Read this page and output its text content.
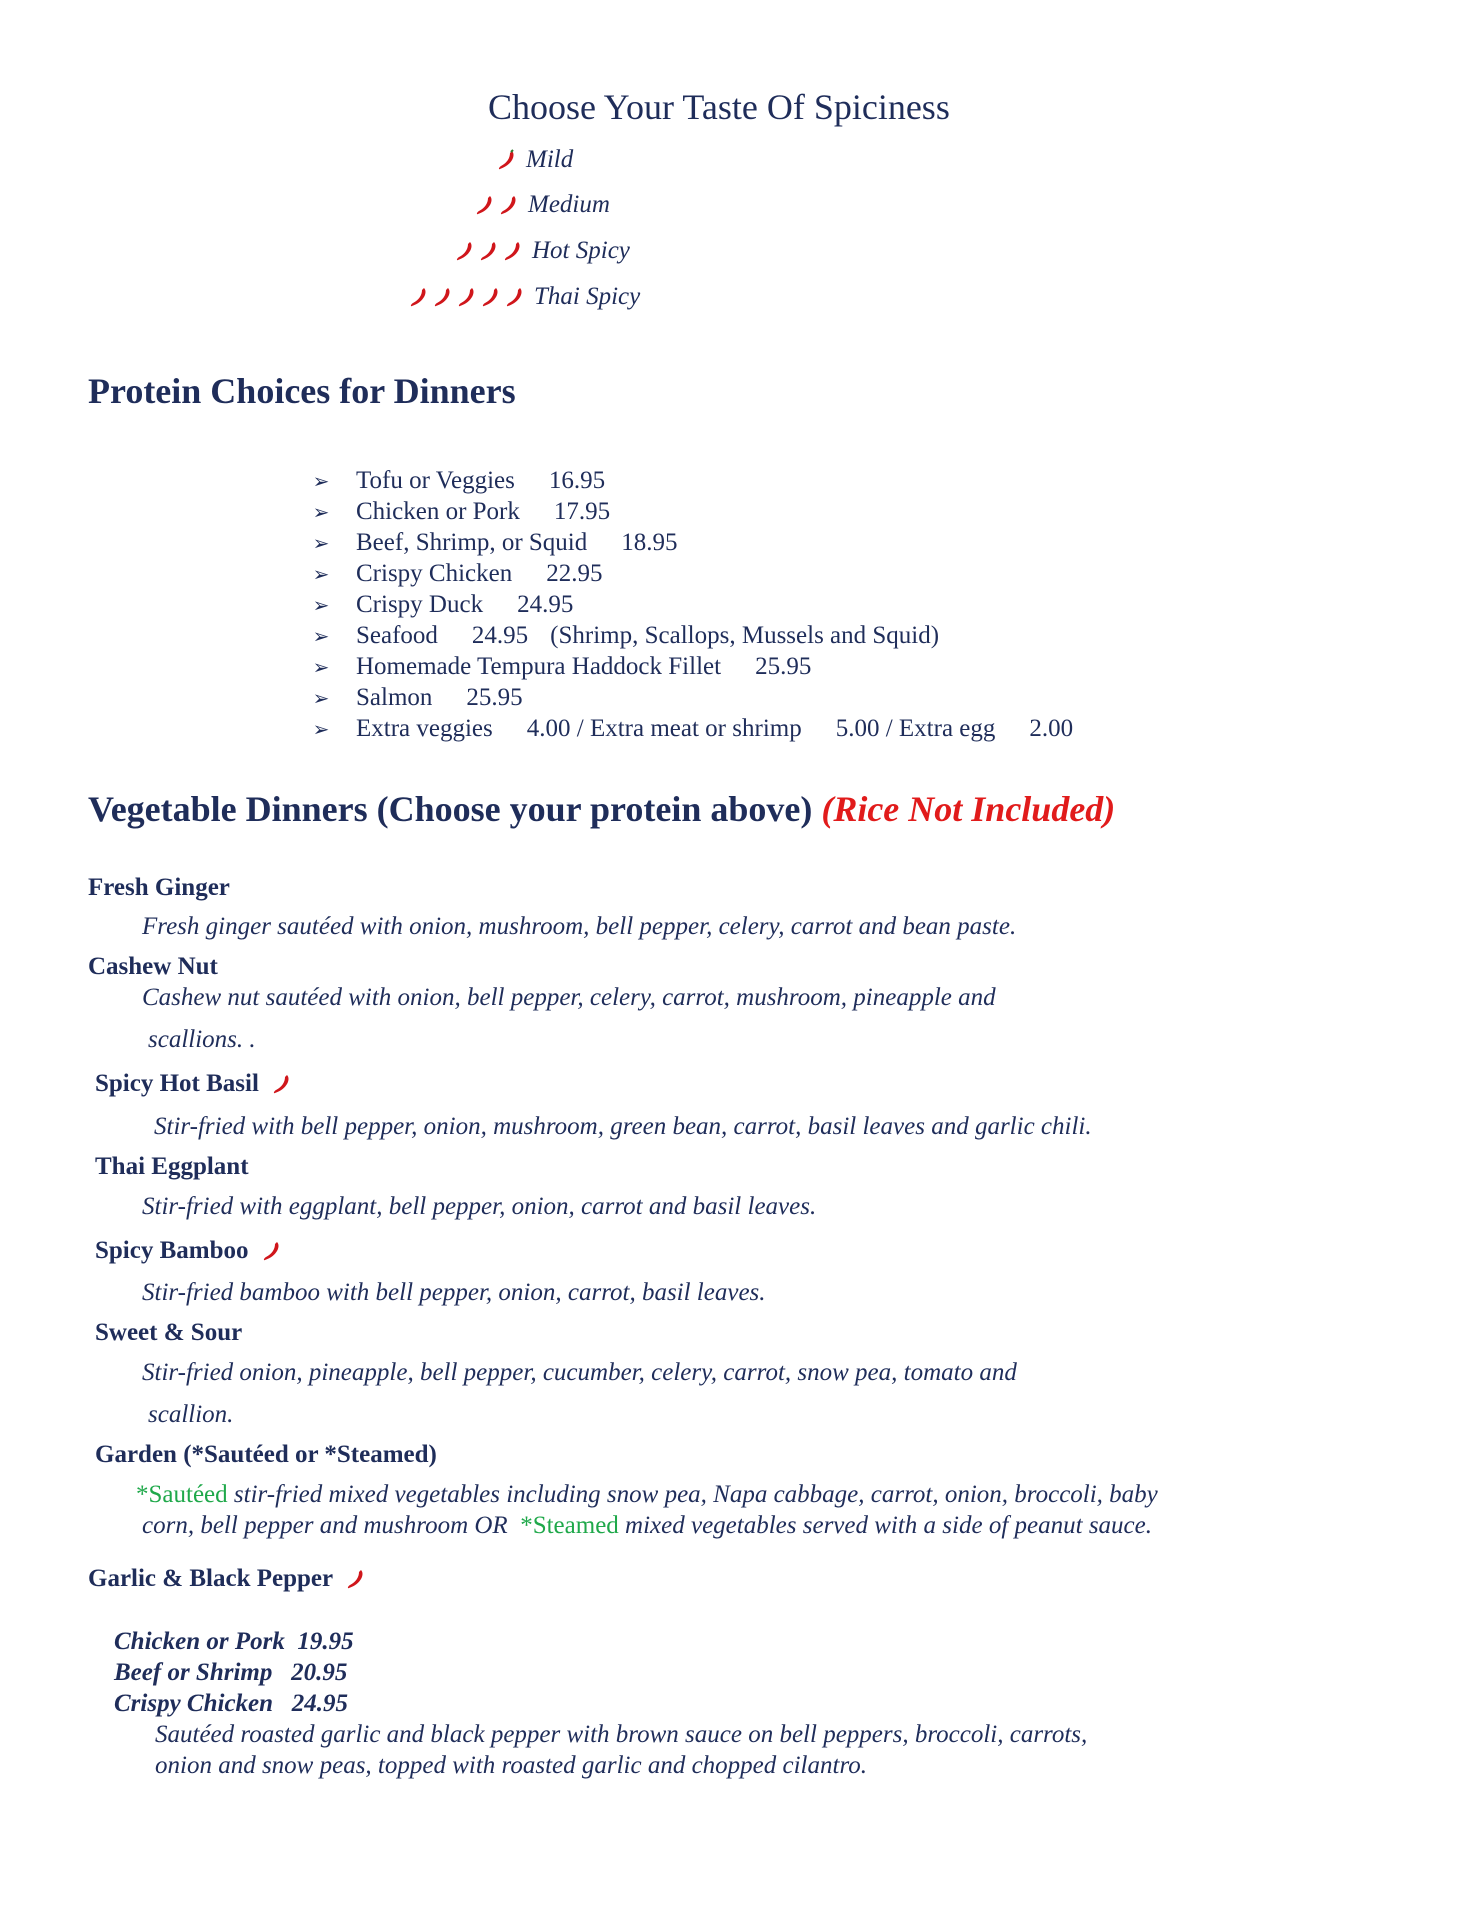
Choose Your Taste Of Spiciness
Mild
Medium
Hot Spicy
Thai Spicy
Protein Choices for Dinners
➢ Tofu or Veggies 16.95
➢ Chicken or Pork 17.95
➢ Beef, Shrimp, or Squid 18.95
➢ Crispy Chicken 22.95
➢ Crispy Duck 24.95
➢ Seafood 24.95 (Shrimp, Scallops, Mussels and Squid)
➢ Homemade Tempura Haddock Fillet 25.95
➢ Salmon 25.95
➢ Extra veggies 4.00
/ Extra meat or shrimp 5.00
/ Extra egg 2.00
Vegetable Dinners (Choose your protein above) (Rice Not Included)
Fresh Ginger
Fresh ginger sautéed with onion, mushroom, bell pepper, celery, carrot and bean paste.
Cashew Nut
Cashew nut sautéed with onion, bell pepper, celery, carrot, mushroom, pineapple and
scallions. .
Spicy Hot Basil
Stir-fried with bell pepper, onion, mushroom, green bean, carrot, basil leaves and garlic chili.
Thai Eggplant
Stir-fried with eggplant, bell pepper, onion, carrot and basil leaves.
Spicy Bamboo
Stir-fried bamboo with bell pepper, onion, carrot, basil leaves.
Sweet & Sour
Stir-fried onion, pineapple, bell pepper, cucumber, celery, carrot, snow pea, tomato and
scallion.
Garden (*Sautéed or *Steamed)
*Sautéed stir-fried mixed vegetables including snow pea, Napa cabbage, carrot, onion, broccoli, baby
corn, bell pepper and mushroom OR *Steamed mixed vegetables served with a side of peanut sauce.
Garlic & Black Pepper
Chicken or Pork 19.95
Beef or Shrimp 20.95
Crispy Chicken 24.95
Sautéed roasted garlic and black pepper with brown sauce on bell peppers, broccoli, carrots,
onion and snow peas, topped with roasted garlic and chopped cilantro.
